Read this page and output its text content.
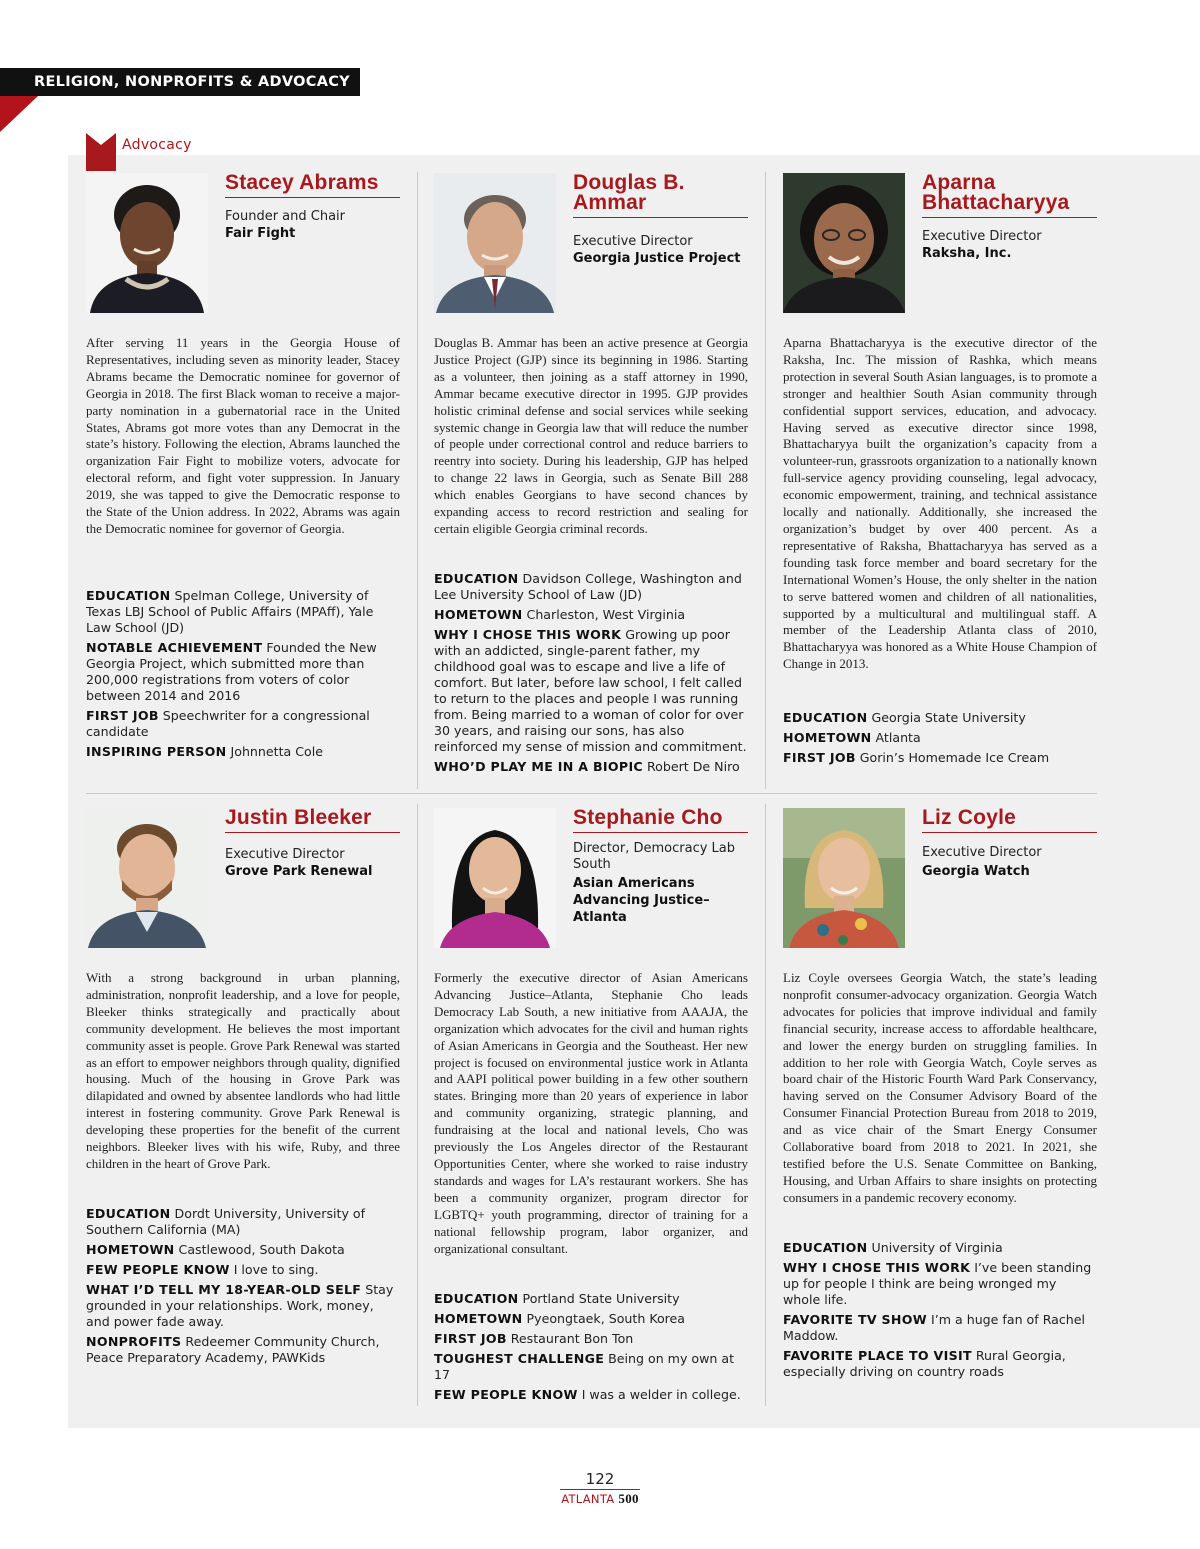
RELIGION, NONPROFITS & ADVOCACY
Advocacy
Stacey Abrams
Founder and Chair
Fair Fight

After serving 11 years in the Georgia House of Representatives, including seven as minority leader, Stacey Abrams became the Democratic nominee for governor of Georgia in 2018. The first Black woman to receive a major-party nomination in a gubernatorial race in the United States, Abrams got more votes than any Democrat in the state’s history. Following the election, Abrams launched the organization Fair Fight to mobilize voters, advocate for electoral reform, and fight voter suppression. In January 2019, she was tapped to give the Democratic response to the State of the Union address. In 2022, Abrams was again the Democratic nominee for governor of Georgia.

EDUCATION Spelman College, University of Texas LBJ School of Public Affairs (MPAff), Yale Law School (JD)

NOTABLE ACHIEVEMENT Founded the New Georgia Project, which submitted more than 200,000 registrations from voters of color between 2014 and 2016

FIRST JOB Speechwriter for a congressional candidate

INSPIRING PERSON Johnnetta Cole

Douglas B. Ammar
Executive Director
Georgia Justice Project

Douglas B. Ammar has been an active presence at Georgia Justice Project (GJP) since its beginning in 1986. Starting as a volunteer, then joining as a staff attorney in 1990, Ammar became executive director in 1995. GJP provides holistic criminal defense and social services while seeking systemic change in Georgia law that will reduce the number of people under correctional control and reduce barriers to reentry into society. During his leadership, GJP has helped to change 22 laws in Georgia, such as Senate Bill 288 which enables Georgians to have second chances by expanding access to record restriction and sealing for certain eligible Georgia criminal records.

EDUCATION Davidson College, Washington and Lee University School of Law (JD)

HOMETOWN Charleston, West Virginia

WHY I CHOSE THIS WORK Growing up poor with an addicted, single-parent father, my childhood goal was to escape and live a life of comfort. But later, before law school, I felt called to return to the places and people I was running from. Being married to a woman of color for over 30 years, and raising our sons, has also reinforced my sense of mission and commitment.

WHO’D PLAY ME IN A BIOPIC Robert De Niro

Aparna Bhattacharyya
Executive Director
Raksha, Inc.

Aparna Bhattacharyya is the executive director of the Raksha, Inc. The mission of Rashka, which means protection in several South Asian languages, is to promote a stronger and healthier South Asian community through confidential support services, education, and advocacy. Having served as executive director since 1998, Bhattacharyya built the organization’s capacity from a volunteer-run, grassroots organization to a nationally known full-service agency providing counseling, legal advocacy, economic empowerment, training, and technical assistance locally and nationally. Additionally, she increased the organization’s budget by over 400 percent. As a representative of Raksha, Bhattacharyya has served as a founding task force member and board secretary for the International Women’s House, the only shelter in the nation to serve battered women and children of all nationalities, supported by a multicultural and multilingual staff. A member of the Leadership Atlanta class of 2010, Bhattacharyya was honored as a White House Champion of Change in 2013.

EDUCATION Georgia State University

HOMETOWN Atlanta

FIRST JOB Gorin’s Homemade Ice Cream

Justin Bleeker
Executive Director
Grove Park Renewal

With a strong background in urban planning, administration, nonprofit leadership, and a love for people, Bleeker thinks strategically and practically about community development. He believes the most important community asset is people. Grove Park Renewal was started as an effort to empower neighbors through quality, dignified housing. Much of the housing in Grove Park was dilapidated and owned by absentee landlords who had little interest in fostering community. Grove Park Renewal is developing these properties for the benefit of the current neighbors. Bleeker lives with his wife, Ruby, and three children in the heart of Grove Park.

EDUCATION Dordt University, University of Southern California (MA)

HOMETOWN Castlewood, South Dakota

FEW PEOPLE KNOW I love to sing.

WHAT I’D TELL MY 18-YEAR-OLD SELF Stay grounded in your relationships. Work, money, and power fade away.

NONPROFITS Redeemer Community Church, Peace Preparatory Academy, PAWKids

Stephanie Cho
Director, Democracy Lab South
Asian Americans Advancing Justice–Atlanta

Formerly the executive director of Asian Americans Advancing Justice–Atlanta, Stephanie Cho leads Democracy Lab South, a new initiative from AAAJA, the organization which advocates for the civil and human rights of Asian Americans in Georgia and the Southeast. Her new project is focused on environmental justice work in Atlanta and AAPI political power building in a few other southern states. Bringing more than 20 years of experience in labor and community organizing, strategic planning, and fundraising at the local and national levels, Cho was previously the Los Angeles director of the Restaurant Opportunities Center, where she worked to raise industry standards and wages for LA’s restaurant workers. She has been a community organizer, program director for LGBTQ+ youth programming, director of training for a national fellowship program, labor organizer, and organizational consultant.

EDUCATION Portland State University

HOMETOWN Pyeongtaek, South Korea

FIRST JOB Restaurant Bon Ton

TOUGHEST CHALLENGE Being on my own at 17

FEW PEOPLE KNOW I was a welder in college.

Liz Coyle
Executive Director
Georgia Watch

Liz Coyle oversees Georgia Watch, the state’s leading nonprofit consumer-advocacy organization. Georgia Watch advocates for policies that improve individual and family financial security, increase access to affordable healthcare, and lower the energy burden on struggling families. In addition to her role with Georgia Watch, Coyle serves as board chair of the Historic Fourth Ward Park Conservancy, having served on the Consumer Advisory Board of the Consumer Financial Protection Bureau from 2018 to 2019, and as vice chair of the Smart Energy Consumer Collaborative board from 2018 to 2021. In 2021, she testified before the U.S. Senate Committee on Banking, Housing, and Urban Affairs to share insights on protecting consumers in a pandemic recovery economy.

EDUCATION University of Virginia

WHY I CHOSE THIS WORK I’ve been standing up for people I think are being wronged my whole life.

FAVORITE TV SHOW I’m a huge fan of Rachel Maddow.

FAVORITE PLACE TO VISIT Rural Georgia, especially driving on country roads

122
ATLANTA 500
